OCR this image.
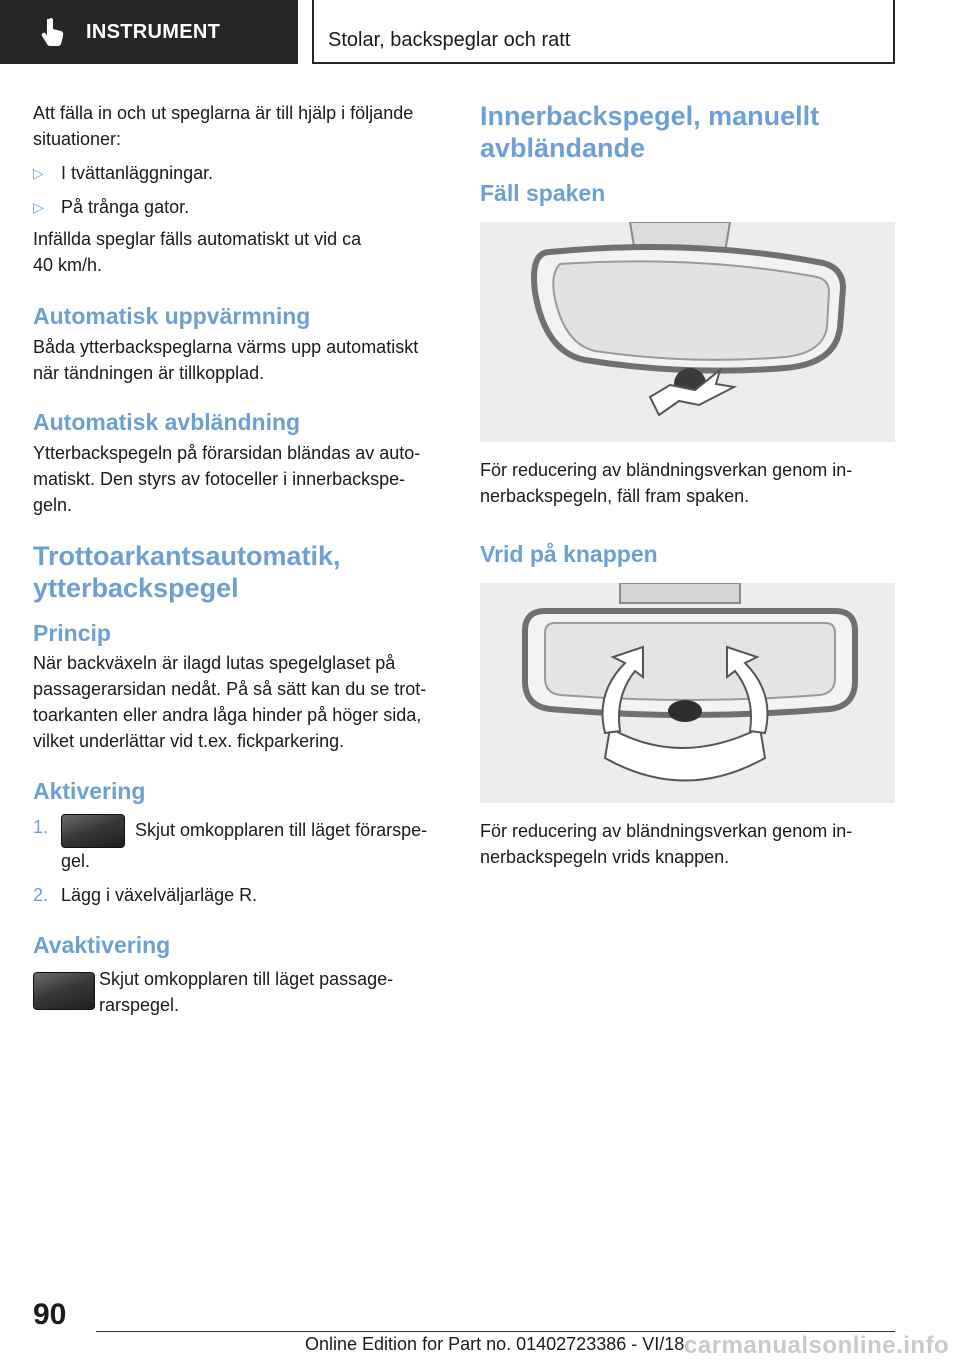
INSTRUMENT	Stolar, backspeglar och ratt

Att fälla in och ut speglarna är till hjälp i följande situationer:

▷ I tvättanläggningar.
▷ På trånga gator.

Infällda speglar fälls automatiskt ut vid ca
40 km/h.

Automatisk uppvärmning

Båda ytterbackspeglarna värms upp automatiskt när tändningen är tillkopplad.

Automatisk avbländning

Ytterbackspegeln på förarsidan bländas av auto- matiskt. Den styrs av fotoceller i innerbackspe- geln.

Trottoarkantsautomatik,
ytterbackspegel
Princip

När backväxeln är ilagd lutas spegelglaset på passagerarsidan nedåt. På så sätt kan du se trot- toarkanten eller andra låga hinder på höger sida, vilket underlättar vid t.ex. fickparkering.

Aktivering
1.	Skjut omkopplaren till läget förarspe-
gel.
2. Lägg i växelväljarläge R.
Avaktivering

Skjut omkopplaren till läget passage-
rarspegel.

Innerbackspegel, manuellt
avbländande
Fäll spaken

För reducering av bländningsverkan genom in- nerbackspegeln, fäll fram spaken.

Vrid på knappen

För reducering av bländningsverkan genom in- nerbackspegeln vrids knappen.

90
Online Edition for Part no. 01402723386 - VI/18 carmanualsonline.info
